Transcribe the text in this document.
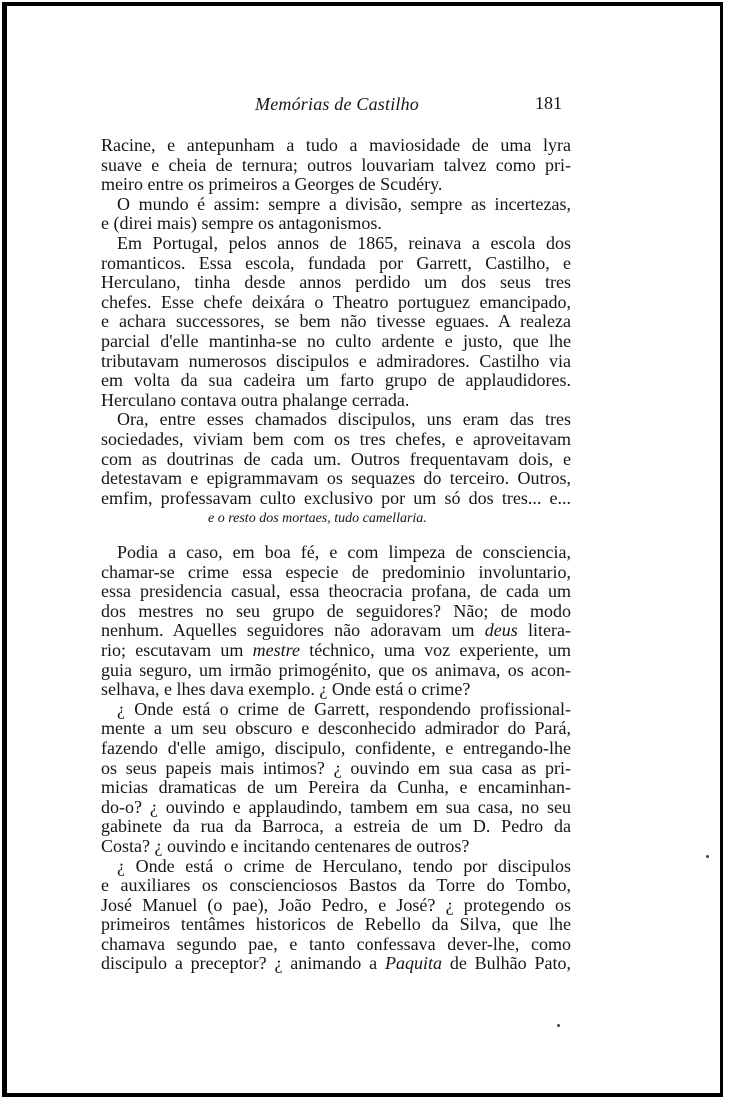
Memórias de Castilho	181
Racine, e antepunham a tudo a maviosidade de uma lyra
suave e cheia de ternura; outros louvariam talvez como pri-
meiro entre os primeiros a Georges de Scudéry.
O mundo é assim: sempre a divisão, sempre as incertezas,
e (direi mais) sempre os antagonismos.
Em Portugal, pelos annos de 1865, reinava a escola dos
romanticos. Essa escola, fundada por Garrett, Castilho, e
Herculano, tinha desde annos perdido um dos seus tres
chefes. Esse chefe deixára o Theatro portuguez emancipado,
e achara successores, se bem não tivesse eguaes. A realeza
parcial d'elle mantinha-se no culto ardente e justo, que lhe
tributavam numerosos discipulos e admiradores. Castilho via
em volta da sua cadeira um farto grupo de applaudidores.
Herculano contava outra phalange cerrada.
Ora, entre esses chamados discipulos, uns eram das tres
sociedades, viviam bem com os tres chefes, e aproveitavam
com as doutrinas de cada um. Outros frequentavam dois, e
detestavam e epigrammavam os sequazes do terceiro. Outros,
emfim, professavam culto exclusivo por um só dos tres... e...
e o resto dos mortaes, tudo camellaria.
Podia a caso, em boa fé, e com limpeza de consciencia,
chamar-se crime essa especie de predominio involuntario,
essa presidencia casual, essa theocracia profana, de cada um
dos mestres no seu grupo de seguidores? Não; de modo
nenhum. Aquelles seguidores não adoravam um deus litera-
rio; escutavam um mestre téchnico, uma voz experiente, um
guia seguro, um irmão primogénito, que os animava, os acon-
selhava, e lhes dava exemplo. ¿ Onde está o crime?
¿ Onde está o crime de Garrett, respondendo profissional-
mente a um seu obscuro e desconhecido admirador do Pará,
fazendo d'elle amigo, discipulo, confidente, e entregando-lhe
os seus papeis mais intimos? ¿ ouvindo em sua casa as pri-
micias dramaticas de um Pereira da Cunha, e encaminhan-
do-o? ¿ ouvindo e applaudindo, tambem em sua casa, no seu
gabinete da rua da Barroca, a estreia de um D. Pedro da
Costa? ¿ ouvindo e incitando centenares de outros?
¿ Onde está o crime de Herculano, tendo por discipulos
e auxiliares os conscienciosos Bastos da Torre do Tombo,
José Manuel (o pae), João Pedro, e José? ¿ protegendo os
primeiros tentâmes historicos de Rebello da Silva, que lhe
chamava segundo pae, e tanto confessava dever-lhe, como
discipulo a preceptor? ¿ animando a Paquita de Bulhão Pato,
